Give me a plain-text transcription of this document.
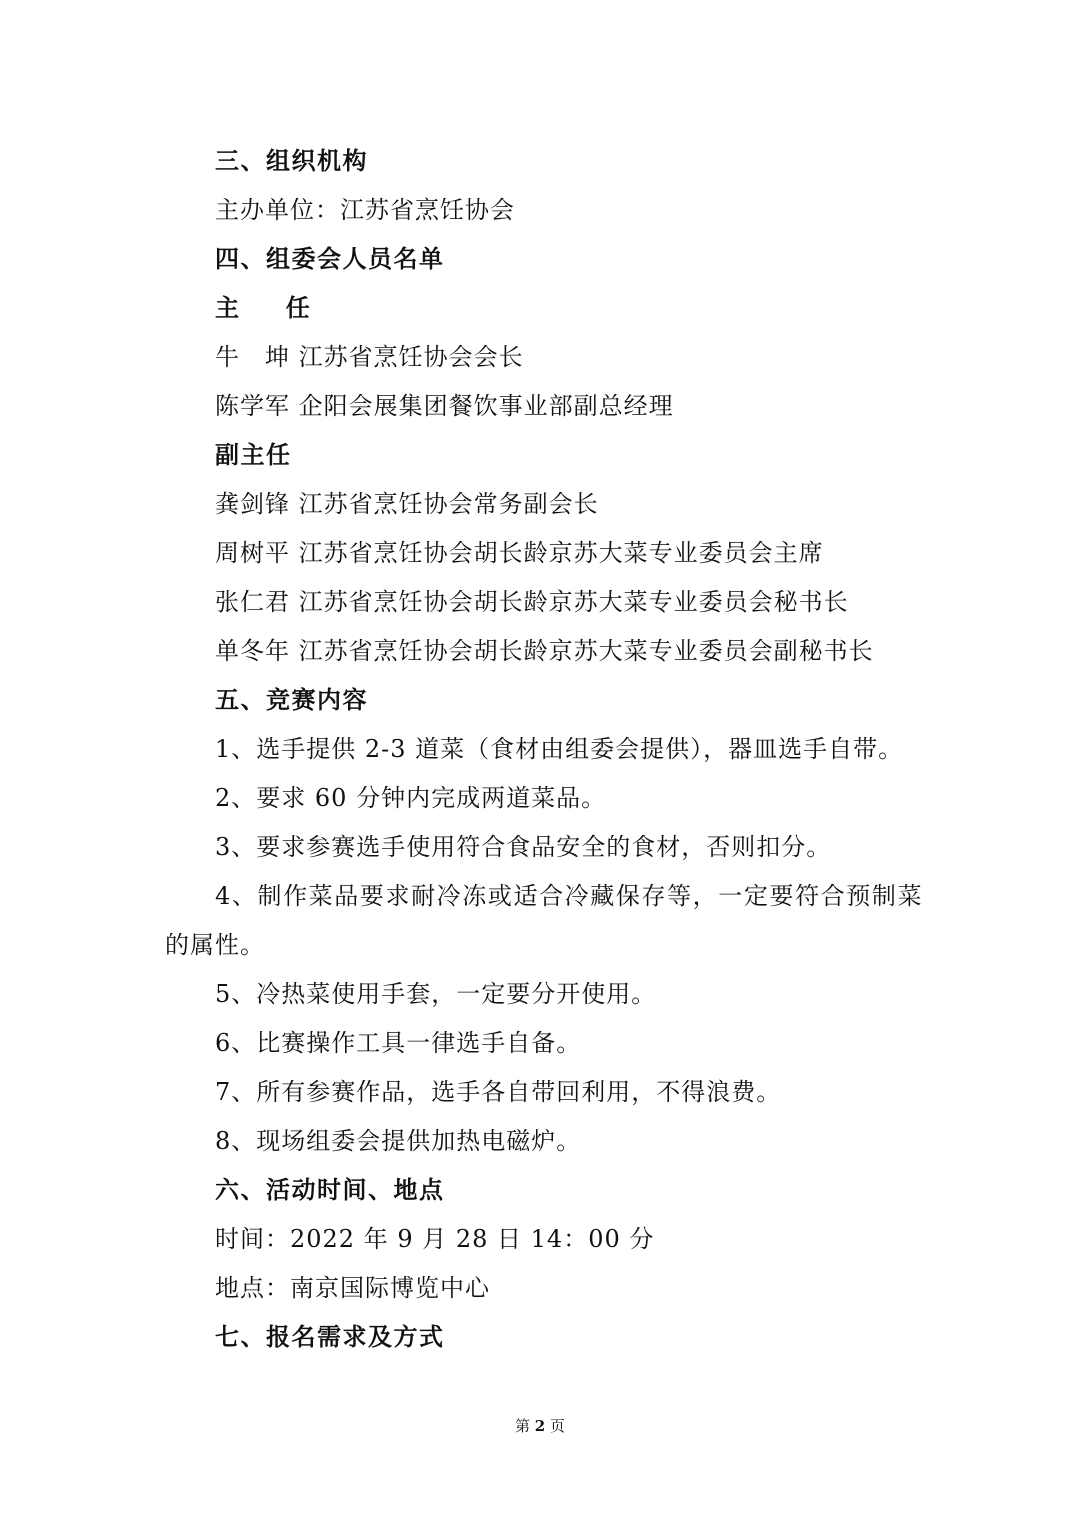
三、组织机构
主办单位：江苏省烹饪协会
四、组委会人员名单
主  任
牛　坤 江苏省烹饪协会会长
陈学军 企阳会展集团餐饮事业部副总经理
副主任
龚剑锋 江苏省烹饪协会常务副会长
周树平 江苏省烹饪协会胡长龄京苏大菜专业委员会主席
张仁君 江苏省烹饪协会胡长龄京苏大菜专业委员会秘书长
单冬年 江苏省烹饪协会胡长龄京苏大菜专业委员会副秘书长
五、竞赛内容
1、选手提供 2-3 道菜（食材由组委会提供），器皿选手自带。
2、要求 60 分钟内完成两道菜品。
3、要求参赛选手使用符合食品安全的食材，否则扣分。
4、制作菜品要求耐冷冻或适合冷藏保存等，一定要符合预制菜
的属性。
5、冷热菜使用手套，一定要分开使用。
6、比赛操作工具一律选手自备。
7、所有参赛作品，选手各自带回利用，不得浪费。
8、现场组委会提供加热电磁炉。
六、活动时间、地点
时间：2022 年 9 月 28 日 14：00 分
地点：南京国际博览中心
七、报名需求及方式
第 2 页
